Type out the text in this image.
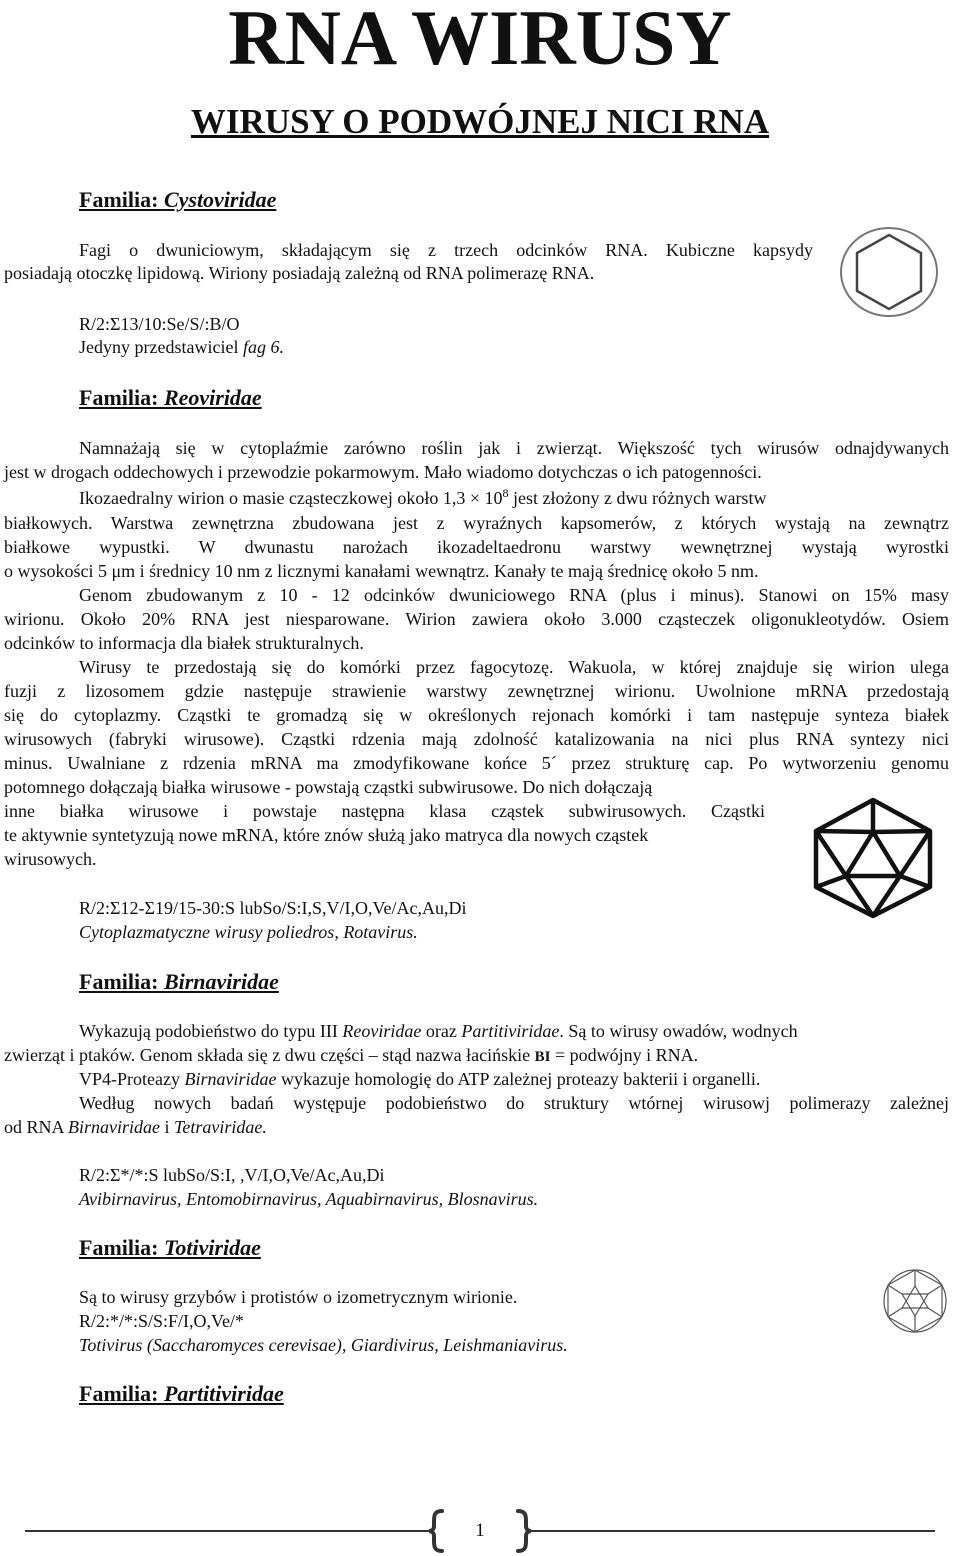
RNA WIRUSY
WIRUSY O PODWÓJNEJ NICI RNA
Familia: Cystoviridae
Fagi o dwuniciowym, składającym się z trzech odcinków RNA. Kubiczne kapsydy
posiadają otoczkę lipidową. Wiriony posiadają zależną od RNA polimerazę RNA.
R/2:Σ13/10:Se/S/:B/O
Jedyny przedstawiciel fag 6.
Familia: Reoviridae
Namnażają się w cytoplaźmie zarówno roślin jak i zwierząt. Większość tych wirusów odnajdywanych
jest w drogach oddechowych i przewodzie pokarmowym. Mało wiadomo dotychczas o ich patogenności.
Ikozaedralny wirion o masie cząsteczkowej około $1,3 \times 10^8$ jest złożony z dwu różnych warstw
białkowych. Warstwa zewnętrzna zbudowana jest z wyraźnych kapsomerów, z których wystają na zewnątrz
białkowe wypustki. W dwunastu narożach ikozadeltaedronu warstwy wewnętrznej wystają wyrostki
o wysokości 5 μm i średnicy 10 nm z licznymi kanałami wewnątrz. Kanały te mają średnicę około 5 nm.
Genom zbudowanym z 10 - 12 odcinków dwuniciowego RNA (plus i minus). Stanowi on 15% masy
wirionu. Około 20% RNA jest niesparowane. Wirion zawiera około 3.000 cząsteczek oligonukleotydów. Osiem
odcinków to informacja dla białek strukturalnych.
Wirusy te przedostają się do komórki przez fagocytozę. Wakuola, w której znajduje się wirion ulega
fuzji z lizosomem gdzie następuje strawienie warstwy zewnętrznej wirionu. Uwolnione mRNA przedostają
się do cytoplazmy. Cząstki te gromadzą się w określonych rejonach komórki i tam następuje synteza białek
wirusowych (fabryki wirusowe). Cząstki rdzenia mają zdolność katalizowania na nici plus RNA syntezy nici
minus. Uwalniane z rdzenia mRNA ma zmodyfikowane końce 5´ przez strukturę cap. Po wytworzeniu genomu
potomnego dołączają białka wirusowe - powstają cząstki subwirusowe. Do nich dołączają
inne białka wirusowe i powstaje następna klasa cząstek subwirusowych. Cząstki
te aktywnie syntetyzują nowe mRNA, które znów służą jako matryca dla nowych cząstek
wirusowych.
R/2:Σ12-Σ19/15-30:S lubSo/S:I,S,V/I,O,Ve/Ac,Au,Di
Cytoplazmatyczne wirusy poliedros, Rotavirus.
Familia: Birnaviridae
Wykazują podobieństwo do typu III Reoviridae oraz Partitiviridae. Są to wirusy owadów, wodnych
zwierząt i ptaków. Genom składa się z dwu części – stąd nazwa łacińskie BI = podwójny i RNA.
VP4-Proteazy Birnaviridae wykazuje homologię do ATP zależnej proteazy bakterii i organelli.
Według nowych badań występuje podobieństwo do struktury wtórnej wirusowj polimerazy zależnej
od RNA Birnaviridae i Tetraviridae.
R/2:Σ*/*:S lubSo/S:I, ,V/I,O,Ve/Ac,Au,Di
Avibirnavirus, Entomobirnavirus, Aquabirnavirus, Blosnavirus.
Familia: Totiviridae
Są to wirusy grzybów i protistów o izometrycznym wirionie.
R/2:*/*:S/S:F/I,O,Ve/*
Totivirus (Saccharomyces cerevisae), Giardivirus, Leishmaniavirus.
Familia: Partitiviridae
1
